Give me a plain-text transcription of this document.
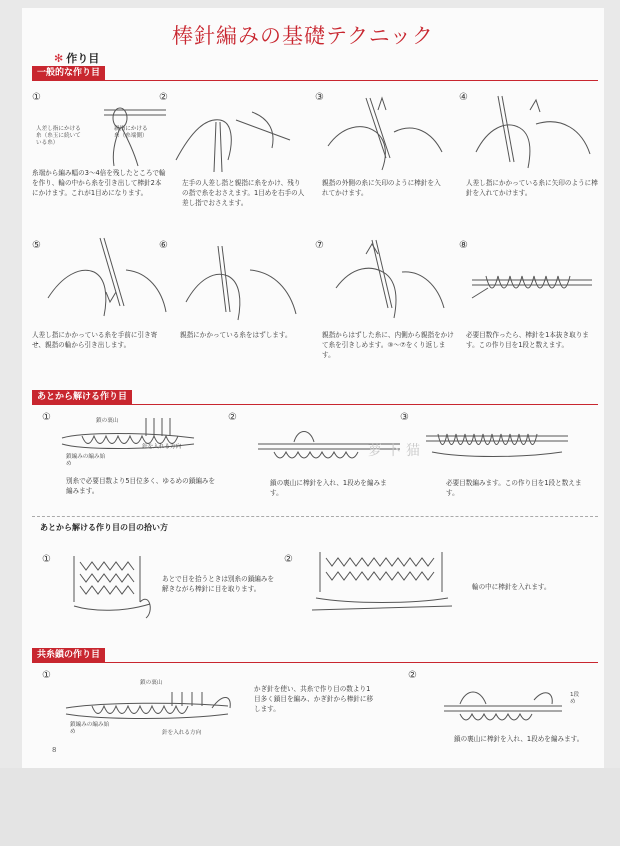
棒針編みの基礎テクニック
✻ 作り目
一般的な作り目
①
人差し指にかける糸（糸玉に続いている糸）
親指にかける糸（糸端側）
糸端から編み幅の3〜4倍を残したところで輪を作り、輪の中から糸を引き出して棒針2本にかけます。これが1目めになります。
②
左手の人差し指と親指に糸をかけ、残りの指で糸をおさえます。1目めを右手の人差し指でおさえます。
③
親指の外側の糸に矢印のように棒針を入れてかけます。
④
人差し指にかかっている糸に矢印のように棒針を入れてかけます。
⑤
人差し指にかかっている糸を手前に引き寄せ、親指の輪から引き出します。
⑥
親指にかかっている糸をはずします。
⑦
親指からはずした糸に、内側から親指をかけて糸を引きしめます。③〜⑦をくり返します。
⑧
必要目数作ったら、棒針を1本抜き取ります。この作り目を1段と数えます。
あとから解ける作り目
①	鎖の裏山
針を入れる方向
鎖編みの編み始め
別糸で必要目数より5目位多く、ゆるめの鎖編みを編みます。
②
萝卜猫
鎖の裏山に棒針を入れ、1段めを編みます。
③
必要目数編みます。この作り目を1段と数えます。
あとから解ける作り目の目の拾い方
①
あとで目を拾うときは別糸の鎖編みを解きながら棒針に目を取ります。
②
輪の中に棒針を入れます。
共糸鎖の作り目
①
鎖の裏山
針を入れる方向
鎖編みの編み始め
かぎ針を使い、共糸で作り目の数より1目多く鎖目を編み、かぎ針から棒針に移します。
②
1段め
鎖の裏山に棒針を入れ、1段めを編みます。
8
